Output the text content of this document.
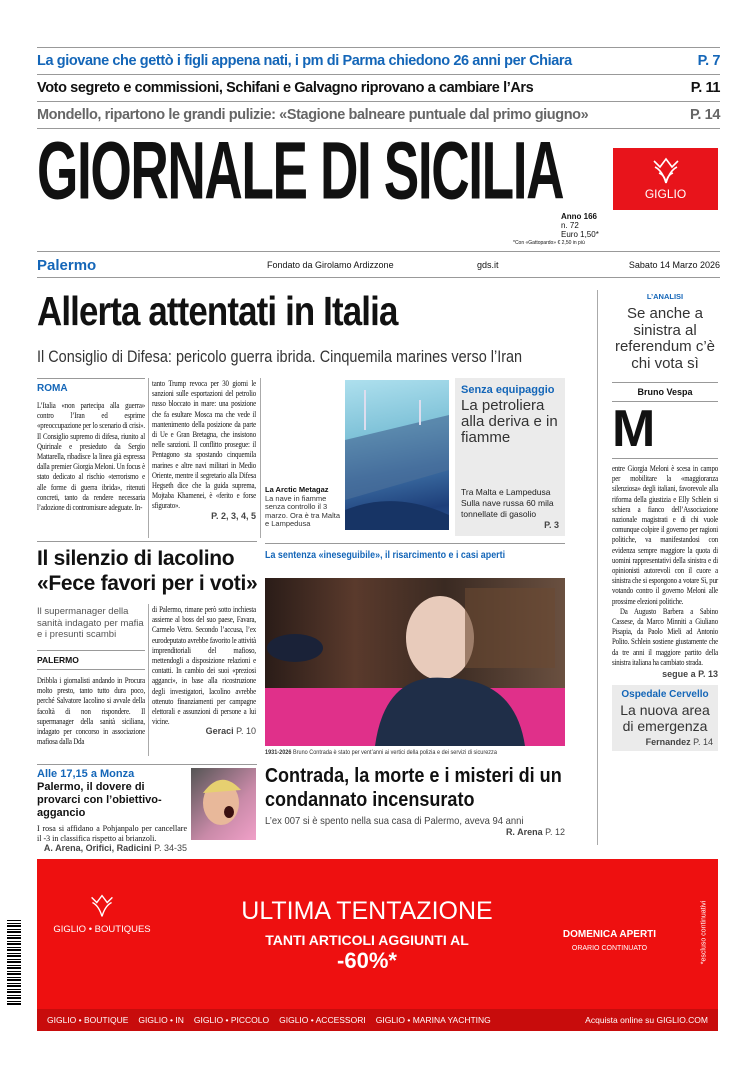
La giovane che gettò i figli appena nati, i pm di Parma chiedono 26 anni per Chiara	P. 7
Voto segreto e commissioni, Schifani e Galvagno riprovano a cambiare l’Ars	P. 11
Mondello, ripartono le grandi pulizie: «Stagione balneare puntuale dal primo giugno»	P. 14
GIORNALE DI SICILIA	GIGLIO
Anno 166
n. 72
Euro 1,50*
*Con «Gattopardo» € 2,50 in più
Palermo	Fondato da Girolamo Ardizzone	gds.it	Sabato 14 Marzo 2026
Allerta attentati in Italia
Il Consiglio di Difesa: pericolo guerra ibrida. Cinquemila marines verso l’Iran
ROMA
L’Italia «non partecipa alla guerra» contro l’Iran ed esprime «preoccupazione per lo scenario di crisi». Il Consiglio supremo di difesa, riunito al Quirinale e presieduto da Sergio Mattarella, ribadisce la linea già espressa dalla premier Giorgia Meloni. Un focus è stato dedicato al rischio «terrorismo e alle forme di guerra ibrida», ritenuti concreti, tanto da rendere necessaria l’adozione di contromisure adeguate. In-
tanto Trump revoca per 30 giorni le sanzioni sulle esportazioni del petrolio russo bloccato in mare: una posizione che fa esultare Mosca ma che vede il mantenimento della posizione da parte di Ue e Gran Bretagna, che insistono nelle sanzioni. Il conflitto prosegue: il Pentagono sta spostando cinquemila marines e altre navi militari in Medio Oriente, mentre il segretario alla Difesa Hegseth dice che la guida suprema, Mojtaba Khamenei, è «ferito e forse sfigurato».
P. 2, 3, 4, 5
La Arctic Metagaz
La nave in fiamme senza controllo il 3 marzo. Ora è tra Malta e Lampedusa
Senza equipaggio
La petroliera alla deriva e in fiamme
Tra Malta e Lampedusa Sulla nave russa 60 mila tonnellate di gasolio
P. 3
L’ANALISI
Se anche a sinistra al referendum c’è chi vota sì
Bruno Vespa
M
entre Giorgia Meloni è scesa in campo per mobilitare la «maggioranza silenziosa» degli italiani, favorevole alla riforma della giustizia e Elly Schlein si schiera a fianco dell’Associazione nazionale magistrati e di chi vuole comunque colpire il governo per ragioni politiche, va manifestandosi con evidenza sempre maggiore la quota di uomini rappresentativi della sinistra e di opinionisti autorevoli con il cuore a sinistra che si espongono a votare Sì, pur votando contro il governo Meloni alle prossime elezioni politiche.
Da Augusto Barbera a Sabino Cassese, da Marco Minniti a Giuliano Pisapia, da Paolo Mieli ad Antonio Polito. Schlein sostiene giustamente che da tre anni il maggiore partito della sinistra italiana ha cambiato strada.
segue a P. 13
Ospedale Cervello
La nuova area di emergenza
Fernandez P. 14
Il silenzio di Iacolino «Fece favori per i voti»
Il supermanager della sanità indagato per mafia e i presunti scambi
PALERMO
Dribbla i giornalisti andando in Procura molto presto, tanto tutto dura poco, perché Salvatore Iacolino si avvale della facoltà di non rispondere. Il supermanager della sanità siciliana, indagato per concorso in associazione mafiosa dalla Dda
di Palermo, rimane però sotto inchiesta assieme al boss del suo paese, Favara, Carmelo Vetro. Secondo l’accusa, l’ex eurodeputato avrebbe favorito le attività imprenditoriali del mafioso, mettendogli a disposizione relazioni e contatti. In cambio dei suoi «preziosi agganci», in base alla ricostruzione degli investigatori, Iacolino avrebbe ottenuto finanziamenti per campagne elettorali e assunzioni di persone a lui vicine.
Geraci P. 10
La sentenza «ineseguibile», il risarcimento e i casi aperti
1931-2026 Bruno Contrada è stato per vent’anni ai vertici della polizia e dei servizi di sicurezza
Contrada, la morte e i misteri di un condannato incensurato
L’ex 007 si è spento nella sua casa di Palermo, aveva 94 anni
R. Arena P. 12
Alle 17,15 a Monza
Palermo, il dovere di provarci con l’obiettivo-aggancio
I rosa si affidano a Pohjanpalo per cancellare il -3 in classifica rispetto ai brianzoli.
A. Arena, Orifici, Radicini P. 34-35
GIGLIO • BOUTIQUES
ULTIMA TENTAZIONE
TANTI ARTICOLI AGGIUNTI AL
-60%*
DOMENICA APERTI
ORARIO CONTINUATO	*escluso continuativi
GIGLIO • BOUTIQUE GIGLIO • IN GIGLIO • PICCOLO GIGLIO • ACCESSORI GIGLIO • MARINA YACHTING	Acquista online su GIGLIO.COM
